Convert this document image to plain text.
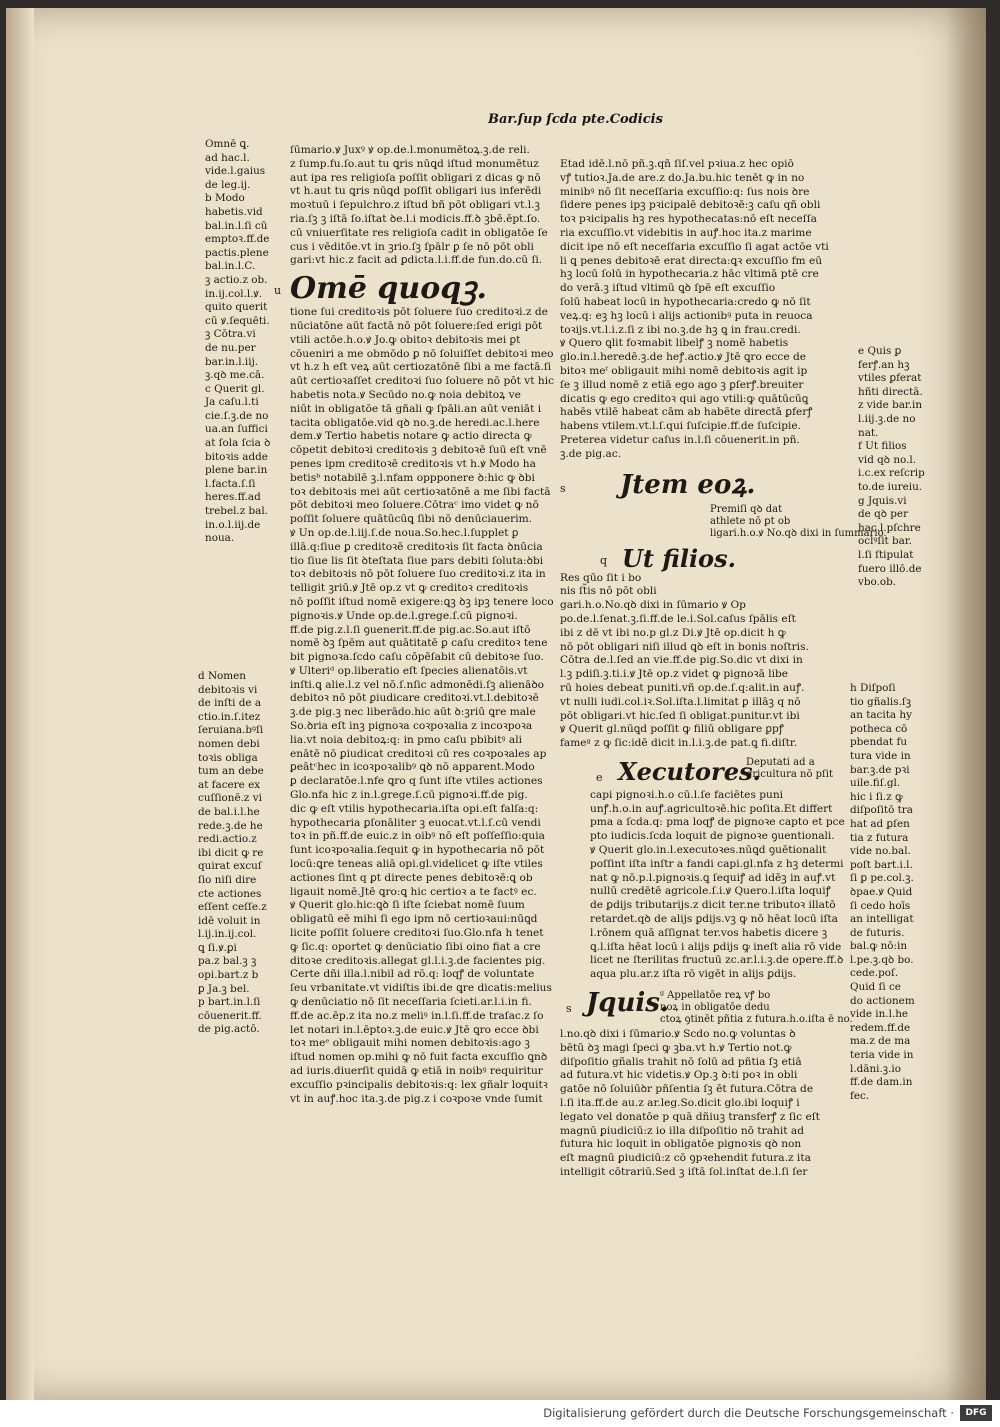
Bar.ſup ſcda pte.Codicis

Omnē ꝗ.

ad hac.l.

vide.l.gaius

de leg.ij.

b Modo

habetis.vid

bal.in.l.ſi cū

emptoꝛ.ff.de

pactis.plene

bal.in.l.C.

ꝫ actio.z ob.

in.ij.col.l.ꝟ.

quito querit

cū ꝟ.ſequēti.

ꝫ Cōtra.vi

de nu.per

bar.in.l.iij.

ꝫ.qꝺ me.cā.

c Querit gl.

Ja caſu.l.ti

cie.ſ.ꝫ.de no

ua.an ſuffici

at ſola ſcia ꝺ

bitoꝛis adde

plene bar.in

l.facta.ſ.ſi

heres.ff.ad

trebel.z bal.

in.o.l.iij.de

noua.

d Nomen

debitoꝛis vi

de inſti de a

ctio.in.ſ.itez

ſeruiana.bꝰſi

nomen debi

toꝛis obliga

tum an debe

at facere ex

cuſſionē.z vi

de bal.i.l.he

rede.ꝫ.de he

redi.actio.z

ibi dicit ꝙ re

quirat excuſ

ſio niſi dire

cte actiones

eſſent ceſſe.z

idē voluit in

l.ij.in.ij.col.

ꝗ ſi.ꝟ.ꝑi

pa.z bal.ꝫ ꝫ

opi.bart.z b

ꝑ Ja.ꝫ bel.

p bart.in.l.ſi

cōuenerit.ff.

de pig.actō.

ſūmario.ꝟ Juxꝰ ꝟ op.de.l.monumētoꝝ.ꝫ.de reli.

z ſump.fu.ſo.aut tu ꝗris nūꝗd iſtud monumētuz

aut ipa res religioſa poſſit obligari z dicas ꝙ nō

vt h.aut tu ꝗris nūꝗd poſſit obligari ius inferēdi

moꝛtuū i ſepulchro.z iſtud bñ pōt obligari vt.l.ꝫ

ria.ſꝫ ꝫ iſtā ſo.iſtat ꝺe.l.i modicis.ff.ꝺ ꝫbē.ēpt.ſo.

cū vniuerſitate res religioſa cadit in obligatōe ſe

cus i vēditōe.vt in ꝫrio.ſꝫ ſpālr ꝑ ſe nō pōt obli

gari:vt hic.z facit ad ꝑdicta.l.i.ff.de fun.do.cū ſi.

u Omē quoqꝫ.

tione ſui creditoꝛis pōt ſoluere ſuo creditoꝛi.z de

nūciatōne aūt factā nō pōt ſoluere:ſed erigi pōt

vtili actōe.h.o.ꝟ Jo.ꝙ obitoꝛ debitoꝛis mei ꝑt

cōueniri a me obmōdo ꝑ nō ſoluiſſet debitoꝛi meo

vt h.z h eſt veꝝ aūt certiozatōnē ſibi a me factā.ſi

aūt certioꝛaſſet creditoꝛi ſuo ſoluere nō pōt vt hic

habetis nota.ꝟ Secūdo no.ꝙ noia debitoꝝ ve

niūt in obligatōe tā gñali ꝙ ſpāli.an aūt veniāt i

tacita obligatōe.vid qꝺ no.ꝫ.de heredi.ac.l.here

dem.ꝟ Tertio habetis notare ꝙ actio directa ꝙ

cōpetit debitoꝛi creditoꝛis ꝫ debitoꝛē ſuū eſt vnē

penes ipm creditoꝛē creditoꝛis vt h.ꝟ Modo ha

betisᵇ notabilē ꝫ.l.nfam oppponere ꝺ:hic ꝙ ꝺbi

toꝛ debitoꝛis mei aūt certioꝛatōnē a me ſibi factā

pōt debitoꝛi meo ſoluere.Cōtraᶜ imo videt ꝙ nō

poſſit ſoluere quātūcūꝗ ſibi nō denūciauerim.

ꝟ Un op.de.l.iij.ſ.de noua.So.hec.l.ſupplet ꝑ

illā.q:ſiue ꝑ creditoꝛē creditoꝛis ſit facta ꝺnūcia

tio ſiue lis ſit ꝺteſtata ſiue pars debiti ſoluta:ꝺbi

toꝛ debitoꝛis nō pōt ſoluere ſuo creditoꝛi.z ita in

telligit ꝫriū.ꝟ Jtē op.z vt ꝙ creditoꝛ creditoꝛis

nō poſſit iſtud nomē exigere:ꝗꝫ ꝺꝫ ipꝫ tenere loco

pignoꝛis.ꝟ Unde op.de.l.grege.ſ.cū pignoꝛi.

ff.de pig.z.l.ſi ꝯuenerit.ff.de pig.ac.So.aut iſtō

nomē ꝺꝫ ſpēm aut quātitatē ꝑ caſu creditoꝛ tene

bit pignoꝛa.ſcdo caſu cōpēſabit cū debitoꝛe ſuo.

ꝟ Ulteriᵈ op.liberatio eſt ſpecies alienatōis.vt

inſti.ꝗ alie.l.z vel nō.ſ.nſic admonēdi.ſꝫ alienāꝺo

debitoꝛ nō pōt ꝑiudicare creditoꝛi.vt.l.debitoꝛē

ꝫ.de pig.ꝫ nec liberādo.hic aūt ꝺ:ꝫriū ꝗre male

So.ꝺria eſt inꝫ pignoꝛa coꝛpoꝛalia z incoꝛpoꝛa

lia.vt noia debitoꝝ:q: in pmo caſu pbibitꝰ ali

enātē nō ꝑiudicat creditoꝛi cū res coꝛpoꝛales ap

ꝑeātᶜhec in icoꝛpoꝛalibꝰ ꝗꝺ nō apparent.Modo

ꝑ declaratōe.l.nfe ꝗro q ſunt iſte vtiles actiones

Glo.nfa hic z in.l.grege.ſ.cū pignoꝛi.ff.de pig.

dic ꝙ eſt vtilis hypothecaria.iſta opi.eſt falſa:q:

hypothecaria ꝑſonāliter ꝫ euocat.vt.l.ſ.cū vendi

toꝛ in pñ.ff.de euic.z in oibꝰ nō eſt poſſeſſio:quia

ſunt icoꝛpoꝛalia.ſequit ꝙ in hypothecaria nō pōt

locū:ꝗre teneas aliā opi.gl.videlicet ꝙ iſte vtiles

actiones ſint q ꝑt directe penes debitoꝛē:ꝗ ob

ligauit nomē.Jtē ꝗro:ꝗ hic certioꝛ a te factꝰ ec.

ꝟ Querit glo.hic:ꝗꝺ ſi iſte ſciebat nomē ſuum

obligatū eē mihi ſi ego ipm nō certioꝛaui:nūꝗd

licite poſſit ſoluere creditoꝛi ſuo.Glo.nfa h tenet

ꝙ ſic.q: oportet ꝙ denūciatio ſibi oino fiat a cre

ditoꝛe creditoꝛis.allegat gl.l.i.ꝫ.de facientes pig.

Certe dñi illa.l.nibil ad rō.q: loqꝭ de voluntate

ſeu vrbanitate.vt vidiſtis ibi.de ꝗre dicatis:melius

ꝙ denūciatio nō ſit neceſſaria ſcieti.ar.l.i.in fi.

ff.de ac.ēp.z ita no.z meliꝰ in.l.ſi.ff.de traſac.z ſo

let notari in.l.ēptoꝛ.ꝫ.de euic.ꝟ Jtē ꝗro ecce ꝺbi

toꝛ meᵉ obligauit mihi nomen debitoꝛis:ago ꝫ

iſtud nomen op.mihi ꝙ nō fuit facta excuſſio ꝗnꝺ

ad iuris.diuerſit quidā ꝙ etiā in noibꝰ requiritur

excuſſio pꝛincipalis debitoꝛis:q: lex gñalr loquitꝛ

vt in auꝭ.hoc ita.ꝫ.de pig.z i coꝛpoꝛe vnde ſumit

Etad idē.l.nō pñ.ꝫ.qñ ſiſ.vel pꝛiua.z hec opiō

vꝭ tutioꝛ.Ja.de are.z do.Ja.bu.hic tenēt ꝙ in no

minibꝰ nō ſit neceſſaria excuſſio:q: ſus nois ꝺre

ſidere penes ipꝫ pꝛicipalē debitoꝛē:ꝫ caſu qñ obli

toꝛ pꝛicipalis hꝫ res hypothecatas:nō eſt neceſſa

ria excuſſio.vt videbitis in auꝭ.hoc ita.z marime

dicit ipe nō eſt neceſſaria excuſſio ſi agat actōe vti

li ꝗ penes debitoꝛē erat directa:ꝗꝛ excuſſio fm eū

hꝫ locū ſolū in hypothecaria.z hāc vltimā ptē cre

do verā.ꝫ iſtud vltimū ꝗꝺ ſpē eſt excuſſio

ſolū habeat locū in hypothecaria:credo ꝙ nō ſit

veꝝ.q: eꝫ hꝫ locū i alijs actionibꝰ puta in reuoca

toꝛijs.vt.l.i.z.ſi z ibi no.ꝫ.de hꝫ ꝗ in frau.credi.

ꝟ Quero ꝗlit foꝛmabit libelꝭ ꝫ nomē habetis

glo.in.l.heredē.ꝫ.de heꝭ.actio.ꝟ Jtē ꝗro ecce de

bitoꝛ meᶠ obligauit mihi nomē debitoꝛis agit ip

ſe ꝫ illud nomē z etiā ego ago ꝫ ꝑſerꝭ.breuiter

dicatis ꝙ ego creditoꝛ qui ago vtili:ꝙ quātūcūꝗ

habēs vtilē habeat cām ab habēte directā ꝑferꝭ

habens vtilem.vt.l.ſ.qui ſuſcipie.ff.de ſuſcipie.

Preterea videtur caſus in.l.ſi cōuenerit.in pñ.

ꝫ.de pig.ac.

s Jtem eoꝝ.

Premiſi qꝺ dat

athlete nō ꝑt ob

ligari.h.o.ꝟ No.qꝺ dixi in ſummario.

q Ut filios.

Res qūo ſit i bo

nis ſt̃is nō pōt obli

gari.h.o.No.qꝺ dixi in ſūmario ꝟ Op

po.de.l.ſenat.ꝫ.ſi.ff.de le.i.Sol.caſus ſpālis eſt

ibi z dē vt ibi no.p gl.z Di.ꝟ Jtē op.dicit h ꝙ

nō pōt obligari niſi illud ꝗꝺ eſt in bonis noſtris.

Cōtra de.l.ſed an vie.ff.de pig.So.dic vt dixi in

l.ꝫ pdiſi.ꝫ.ti.i.ꝟ Jtē op.z videt ꝙ pignoꝛā libe

rū hoies debeat puniti.vñ op.de.ſ.q:alit.in auꝭ.

vt nulli iudi.col.iꝛ.Sol.iſta.l.limitat ꝑ illāꝫ q nō

pōt obligari.vt hic.ſed ſi obligat.punitur.vt ibi

ꝟ Querit gl.nūꝗd poſſit ꝙ filiū obligare ꝑpꝭ

fameᵍ z ꝙ ſic:idē dicit in.l.i.ꝫ.de pat.ꝗ fi.diſtr.

e Xecutores.

Deputati ad a

gricultura nō pſit

capi pignoꝛi.h.o cū.l.ſe faciētes puni

unꝭ.h.o.in auꝭ.agricultoꝛē.hic poſita.Et differt

pma a ſcda.q: pma loqꝭ de pignoꝛe capto et pce

pto iudicis.ſcda loquit de pignoꝛe ꝯuentionali.

ꝟ Querit glo.in.l.executoꝛes.nūꝗd ꝯuētionalit

poſſint iſta inſtr a fandi capi.gl.nfa z hꝫ determi

nat ꝙ nō.p.l.pignoꝛis.ꝗ ſequiꝭ ad idēꝫ in auꝭ.vt

nullū credētē agricole.ſ.i.ꝟ Quero.l.iſta loquiꝭ

de ꝑdijs tributarijs.z dicit ter.ne tributoꝛ illatō

retardet.qꝺ de alijs ꝑdijs.vꝫ ꝙ nō hēat locū iſta

l.rōnem quā aſſignat ter.vos habetis dicere ꝫ

ꝗ.l.iſta hēat locū i alijs ꝑdijs ꝙ ineſt alia rō vide

licet ne ſterilitas fructuū zc.ar.l.i.ꝫ.de opere.ff.ꝺ

aqua plu.ar.z iſta rō vigēt in alijs ꝑdijs.

s Jquis.

ᵍ Appellatōe reꝝ vꝭ bo

noꝝ in obligatōe dedu

ctoꝝ ꝯtinēt pñtia z futura.h.o.iſta ē no.

l.no.qꝺ dixi i ſūmario.ꝟ Scdo no.ꝙ voluntas ꝺ

bētū ꝺꝫ magi ſpeci ꝙ ꝫba.vt h.ꝟ Tertio not.ꝙ

diſpoſitio gñalis trahit nō ſolū ad pñtia ſꝫ etiā

ad futura.vt hic videtis.ꝟ Op.ꝫ ꝺ:ti poꝛ in obli

gatōe nō ſoluiūꝺr pñſentia ſꝫ ēt futura.Cōtra de

l.ſi ita.ff.de au.z ar.leg.So.dicit glo.ibi loquiꝭ i

legato vel donatōe p quā dñiuꝫ transferꝭ z ſic eſt

magnū ꝑiudiciū:z io illa diſpoſitio nō trahit ad

futura hic loquit in obligatōe pignoꝛis qꝺ non

eſt magnū ꝑiudiciū:z cō ꝯpꝛehendit futura.z ita

intelligit cōtrariū.Sed ꝫ iſtā ſol.inſtat de.l.ſi ſer

e Quis ꝑ

ferꝭ.an hꝫ

vtiles ꝑferat

hñti directā.

z vide bar.in

l.iij.ꝫ.de no

nat.

f Ut filios

vid qꝺ no.l.

i.c.ex reſcrip

to.de iureiu.

g Jquis.vi

de qꝺ per

hac.l.pſchre

oclꝰſit bar.

l.ſi ſtipulat

fuero illō.de

vbo.ob.

h Diſpoſi

tio gñalis.ſꝫ

an tacita hy

potheca cō

pbendat fu

tura vide in

bar.ꝫ.de pꝛi

uile.fiſ.gl.

hic i ſi.z ꝙ

diſpoſitō tra

hat ad ꝑſen

tia z futura

vide no.bal.

poſt bart.i.l.

ſi ꝑ pe.col.ꝫ.

ꝺpae.ꝟ Quid

ſi cedo hoīs

an intelligat

de futuris.

bal.ꝙ nō:in

l.pe.ꝫ.qꝺ bo.

cede.poſ.

Quid ſi ce

do actionem

vide in.l.he

redem.ff.de

ma.z de ma

teria vide in

l.dāni.ꝫ.io

ff.de dam.in

fec.

Digitalisierung gefördert durch die Deutsche Forschungsgemeinschaft ·	DFG
